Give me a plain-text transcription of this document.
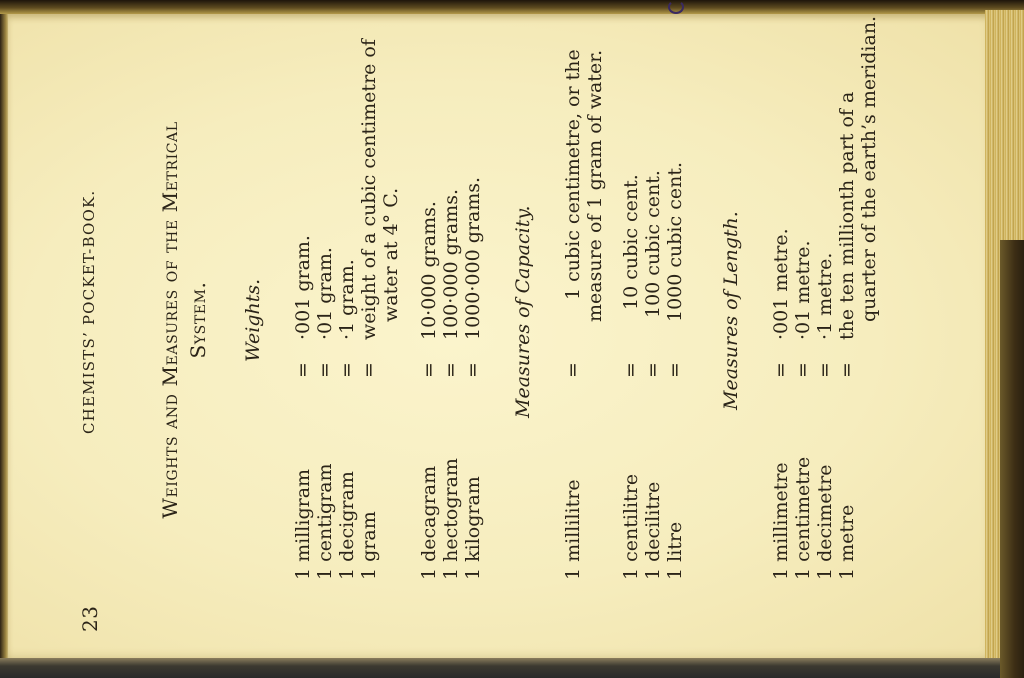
23
CHEMISTS’ POCKET-BOOK.	Weights and Measures of the Metrical System. Weights.
1 milligram
=
·001 gram.
1 centigram
=
·01 gram.
1 decigram
=
·1 gram.
1 gram
=
weight of a cubic centimetre of water at 4° C.
1 decagram
=
10·000 grams.
1 hectogram
=
100·000 grams.
1 kilogram
=
1000·000 grams. Measures of Capacity.
1 millilitre
=
1 cubic centimetre, or the measure of 1 gram of water.
1 centilitre
=
10 cubic cent.
1 decilitre
=
100 cubic cent.
1 litre
=
1000 cubic cent. Measures of Length.
1 millimetre
=
·001 metre.
1 centimetre
=
·01 metre.
1 decimetre
=
·1 metre.
1 metre
=
the ten millionth part of a quarter of the earth’s meridian.
